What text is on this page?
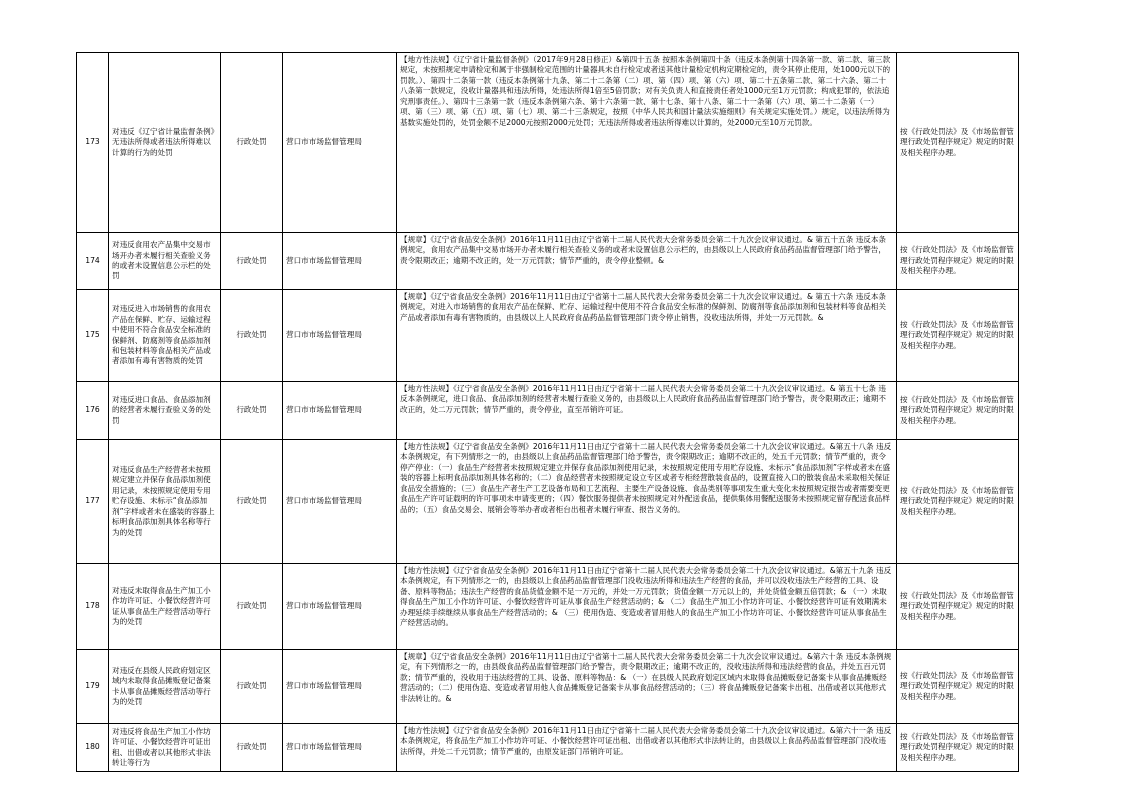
173	对违反《辽宁省计量监督条例》无违法所得或者违法所得难以计算的行为的处罚	行政处罚	营口市市场监督管理局	【地方性法规】《辽宁省计量监督条例》（2017年9月28日修正）&第四十五条 按照本条例第四十条（违反本条例第十四条第一款、第二款、第三款规定，未按照规定申请检定和属于非强制检定范围的计量器具未自行检定或者送其他计量检定机构定期检定的，责令其停止使用，处1000元以下的罚款。）、第四十二条第一款（违反本条例第十九条、第二十二条第（二）项、第（四）项、第（六）项、第二十五条第二款、第二十六条、第二十八条第一款规定，没收计量器具和违法所得，处违法所得1倍至5倍罚款；对有关负责人和直接责任者处1000元至1万元罚款；构成犯罪的，依法追究刑事责任。）、第四十三条第一款（违反本条例第六条、第十六条第一款、第十七条、第十八条、第二十一条第（六）项、第二十二条第（一）项、第（三）项、第（五）项、第（七）项、第二十三条规定，按照《中华人民共和国计量法实施细则》有关规定实施处罚。）规定，以违法所得为基数实施处罚的，处罚金额不足2000元按照2000元处罚；无违法所得或者违法所得难以计算的，处2000元至10万元罚款。	按《行政处罚法》及《市场监督管理行政处罚程序规定》规定的时限及相关程序办理。
174	对违反食用农产品集中交易市场开办者未履行相关查验义务的或者未设置信息公示栏的处罚	行政处罚	营口市市场监督管理局	【规章】《辽宁省食品安全条例》2016年11月11日由辽宁省第十二届人民代表大会常务委员会第二十九次会议审议通过。& 第五十五条 违反本条例规定，食用农产品集中交易市场开办者未履行相关查验义务的或者未设置信息公示栏的，由县级以上人民政府食品药品监督管理部门给予警告，责令限期改正；逾期不改正的，处一万元罚款；情节严重的，责令停业整顿。&	按《行政处罚法》及《市场监督管理行政处罚程序规定》规定的时限及相关程序办理。
175	对违反进入市场销售的食用农产品在保鲜、贮存、运输过程中使用不符合食品安全标准的保鲜剂、防腐剂等食品添加剂和包装材料等食品相关产品或者添加有毒有害物质的处罚	行政处罚	营口市市场监督管理局	【规章】《辽宁省食品安全条例》2016年11月11日由辽宁省第十二届人民代表大会常务委员会第二十九次会议审议通过。& 第五十六条 违反本条例规定，对进入市场销售的食用农产品在保鲜、贮存、运输过程中使用不符合食品安全标准的保鲜剂、防腐剂等食品添加剂和包装材料等食品相关产品或者添加有毒有害物质的，由县级以上人民政府食品药品监督管理部门责令停止销售，没收违法所得，并处一万元罚款。&	按《行政处罚法》及《市场监督管理行政处罚程序规定》规定的时限及相关程序办理。
176	对违反进口食品、食品添加剂的经营者未履行查验义务的处罚	行政处罚	营口市市场监督管理局	【地方性法规】《辽宁省食品安全条例》2016年11月11日由辽宁省第十二届人民代表大会常务委员会第二十九次会议审议通过。& 第五十七条 违反本条例规定，进口食品、食品添加剂的经营者未履行查验义务的，由县级以上人民政府食品药品监督管理部门给予警告，责令限期改正；逾期不改正的，处二万元罚款；情节严重的，责令停业，直至吊销许可证。	按《行政处罚法》及《市场监督管理行政处罚程序规定》规定的时限及相关程序办理。
177	对违反食品生产经营者未按照规定建立并保存食品添加剂使用记录，未按照规定使用专用贮存设施、未标示“食品添加剂”字样或者未在盛装的容器上标明食品添加剂具体名称等行为的处罚	行政处罚	营口市市场监督管理局	【地方性法规】《辽宁省食品安全条例》2016年11月11日由辽宁省第十二届人民代表大会常务委员会第二十九次会议审议通过。&第五十八条 违反本条例规定，有下列情形之一的，由县级以上食品药品监督管理部门给予警告，责令限期改正；逾期不改正的，处五千元罚款；情节严重的，责令停产停业：（一）食品生产经营者未按照规定建立并保存食品添加剂使用记录，未按照规定使用专用贮存设施、未标示“食品添加剂”字样或者未在盛装的容器上标明食品添加剂具体名称的；（二）食品经营者未按照规定设立专区或者专柜经营散装食品的，设置直接入口的散装食品未采取相关保证食品安全措施的；（三）食品生产者生产工艺设备布局和工艺流程、主要生产设备设施、食品类别等事项发生重大变化未按照规定报告或者需要变更食品生产许可证载明的许可事项未申请变更的；（四）餐饮服务提供者未按照规定对外配送食品，提供集体用餐配送服务未按照规定留存配送食品样品的；（五）食品交易会、展销会等举办者或者柜台出租者未履行审查、报告义务的。	按《行政处罚法》及《市场监督管理行政处罚程序规定》规定的时限及相关程序办理。
178	对违反未取得食品生产加工小作坊许可证、小餐饮经营许可证从事食品生产经营活动等行为的处罚	行政处罚	营口市市场监督管理局	【地方性法规】《辽宁省食品安全条例》2016年11月11日由辽宁省第十二届人民代表大会常务委员会第二十九次会议审议通过。&第五十九条 违反本条例规定，有下列情形之一的，由县级以上食品药品监督管理部门没收违法所得和违法生产经营的食品，并可以没收违法生产经营的工具、设备、原料等物品；违法生产经营的食品货值金额不足一万元的，并处一万元罚款；货值金额一万元以上的，并处货值金额五倍罚款；& （一）未取得食品生产加工小作坊许可证、小餐饮经营许可证从事食品生产经营活动的；& （二）食品生产加工小作坊许可证、小餐饮经营许可证有效期满未办理延续手续继续从事食品生产经营活动的；& （三）使用伪造、变造或者冒用他人的食品生产加工小作坊许可证、小餐饮经营许可证从事食品生产经营活动的。	按《行政处罚法》及《市场监督管理行政处罚程序规定》规定的时限及相关程序办理。
179	对违反在县级人民政府划定区域内未取得食品摊贩登记备案卡从事食品摊贩经营活动等行为的处罚	行政处罚	营口市市场监督管理局	【规章】《辽宁省食品安全条例》2016年11月11日由辽宁省第十二届人民代表大会常务委员会第二十九次会议审议通过。&第六十条 违反本条例规定，有下列情形之一的，由县级食品药品监督管理部门给予警告，责令限期改正；逾期不改正的，没收违法所得和违法经营的食品，并处五百元罚款；情节严重的，没收用于违法经营的工具、设备、原料等物品：& （一）在县级人民政府划定区域内未取得食品摊贩登记备案卡从事食品摊贩经营活动的；（二）使用伪造、变造或者冒用他人食品摊贩登记备案卡从事食品经营活动的；（三）将食品摊贩登记备案卡出租、出借或者以其他形式非法转让的。&	按《行政处罚法》及《市场监督管理行政处罚程序规定》规定的时限及相关程序办理。
180	对违反将食品生产加工小作坊许可证、小餐饮经营许可证出租、出借或者以其他形式非法转让等行为	行政处罚	营口市市场监督管理局	【地方性法规】《辽宁省食品安全条例》2016年11月11日由辽宁省第十二届人民代表大会常务委员会第二十九次会议审议通过。&第六十一条 违反本条例规定，将食品生产加工小作坊许可证、小餐饮经营许可证出租、出借或者以其他形式非法转让的，由县级以上食品药品监督管理部门没收违法所得，并处二千元罚款；情节严重的，由原发证部门吊销许可证。	按《行政处罚法》及《市场监督管理行政处罚程序规定》规定的时限及相关程序办理。
